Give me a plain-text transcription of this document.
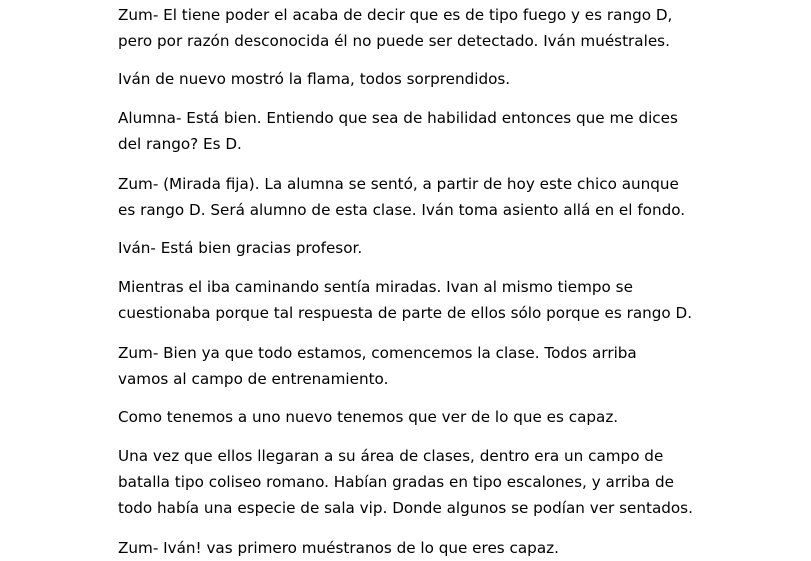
Zum- El tiene poder el acaba de decir que es de tipo fuego y es rango D,
pero por razón desconocida él no puede ser detectado. Iván muéstrales.

Iván de nuevo mostró la flama, todos sorprendidos.

Alumna- Está bien. Entiendo que sea de habilidad entonces que me dices
del rango? Es D.

Zum- (Mirada fija). La alumna se sentó, a partir de hoy este chico aunque
es rango D. Será alumno de esta clase. Iván toma asiento allá en el fondo.

Iván- Está bien gracias profesor.

Mientras el iba caminando sentía miradas. Ivan al mismo tiempo se
cuestionaba porque tal respuesta de parte de ellos sólo porque es rango D.

Zum- Bien ya que todo estamos, comencemos la clase. Todos arriba
vamos al campo de entrenamiento.

Como tenemos a uno nuevo tenemos que ver de lo que es capaz.

Una vez que ellos llegaran a su área de clases, dentro era un campo de
batalla tipo coliseo romano. Habían gradas en tipo escalones, y arriba de
todo había una especie de sala vip. Donde algunos se podían ver sentados.

Zum- Iván! vas primero muéstranos de lo que eres capaz.
